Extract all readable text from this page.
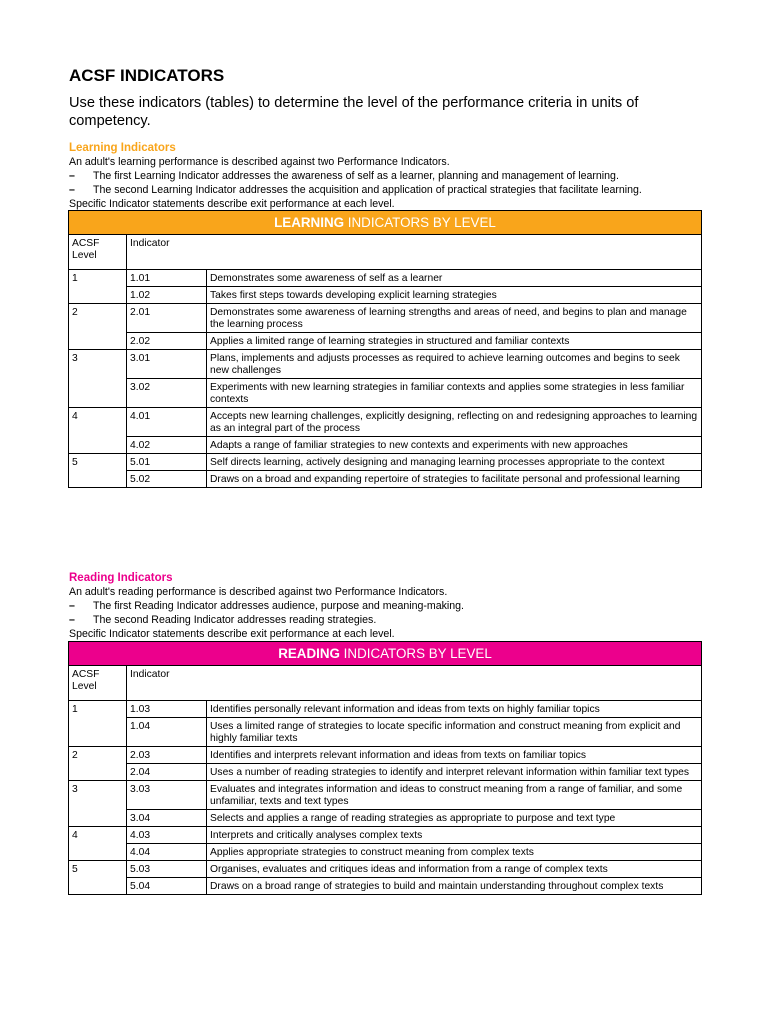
ACSF INDICATORS

Use these indicators (tables) to determine the level of the performance criteria in units of competency.

Learning Indicators

An adult's learning performance is described against two Performance Indicators.

–	The first Learning Indicator addresses the awareness of self as a learner, planning and management of learning.
–	The second Learning Indicator addresses the acquisition and application of practical strategies that facilitate learning.

Specific Indicator statements describe exit performance at each level.

LEARNING INDICATORS BY LEVEL		
ACSF Level	Indicator	
1	1.01	Demonstrates some awareness of self as a learner
	1.02	Takes first steps towards developing explicit learning strategies
2	2.01	Demonstrates some awareness of learning strengths and areas of need, and begins to plan and manage the learning process
	2.02	Applies a limited range of learning strategies in structured and familiar contexts
3	3.01	Plans, implements and adjusts processes as required to achieve learning outcomes and begins to seek new challenges
	3.02	Experiments with new learning strategies in familiar contexts and applies some strategies in less familiar contexts
4	4.01	Accepts new learning challenges, explicitly designing, reflecting on and redesigning approaches to learning as an integral part of the process
	4.02	Adapts a range of familiar strategies to new contexts and experiments with new approaches
5	5.01	Self directs learning, actively designing and managing learning processes appropriate to the context
	5.02	Draws on a broad and expanding repertoire of strategies to facilitate personal and professional learning
Reading Indicators

An adult's reading performance is described against two Performance Indicators.

–	The first Reading Indicator addresses audience, purpose and meaning-making.
–	The second Reading Indicator addresses reading strategies.

Specific Indicator statements describe exit performance at each level.

READING INDICATORS BY LEVEL		
ACSF Level	Indicator	
1	1.03	Identifies personally relevant information and ideas from texts on highly familiar topics
	1.04	Uses a limited range of strategies to locate specific information and construct meaning from explicit and highly familiar texts
2	2.03	Identifies and interprets relevant information and ideas from texts on familiar topics
	2.04	Uses a number of reading strategies to identify and interpret relevant information within familiar text types
3	3.03	Evaluates and integrates information and ideas to construct meaning from a range of familiar, and some unfamiliar, texts and text types
	3.04	Selects and applies a range of reading strategies as appropriate to purpose and text type
4	4.03	Interprets and critically analyses complex texts
	4.04	Applies appropriate strategies to construct meaning from complex texts
5	5.03	Organises, evaluates and critiques ideas and information from a range of complex texts
	5.04	Draws on a broad range of strategies to build and maintain understanding throughout complex texts
